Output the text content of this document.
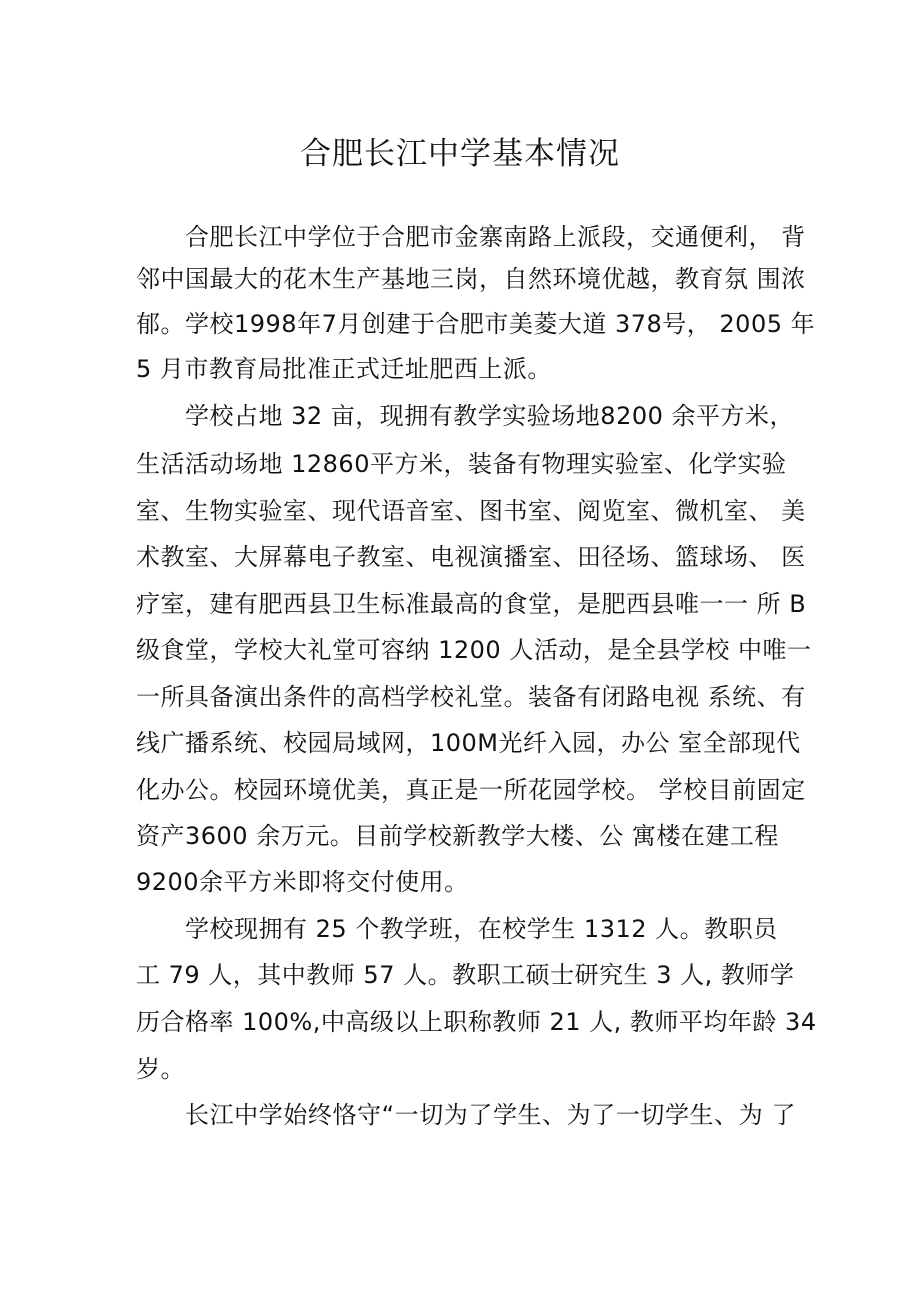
合肥长江中学基本情况
合肥长江中学位于合肥市金寨南路上派段，交通便利， 背
邻中国最大的花木生产基地三岗，自然环境优越，教育氛 围浓
郁。学校1998年7月创建于合肥市美菱大道 378号， 2005 年
5 月市教育局批准正式迁址肥西上派。
学校占地 32 亩，现拥有教学实验场地8200 余平方米，
生活活动场地 12860平方米，装备有物理实验室、化学实验
室、生物实验室、现代语音室、图书室、阅览室、微机室、 美
术教室、大屏幕电子教室、电视演播室、田径场、篮球场、 医
疗室，建有肥西县卫生标准最高的食堂，是肥西县唯一一 所 B
级食堂，学校大礼堂可容纳 1200 人活动，是全县学校 中唯一
一所具备演出条件的高档学校礼堂。装备有闭路电视 系统、有
线广播系统、校园局域网，100M光纤入园，办公 室全部现代
化办公。校园环境优美，真正是一所花园学校。 学校目前固定
资产3600 余万元。目前学校新教学大楼、公 寓楼在建工程
9200余平方米即将交付使用。
学校现拥有 25 个教学班，在校学生 1312 人。教职员
工 79 人，其中教师 57 人。教职工硕士研究生 3 人, 教师学
历合格率 100%,中高级以上职称教师 21 人, 教师平均年龄 34
岁。
长江中学始终恪守“一切为了学生、为了一切学生、为 了
